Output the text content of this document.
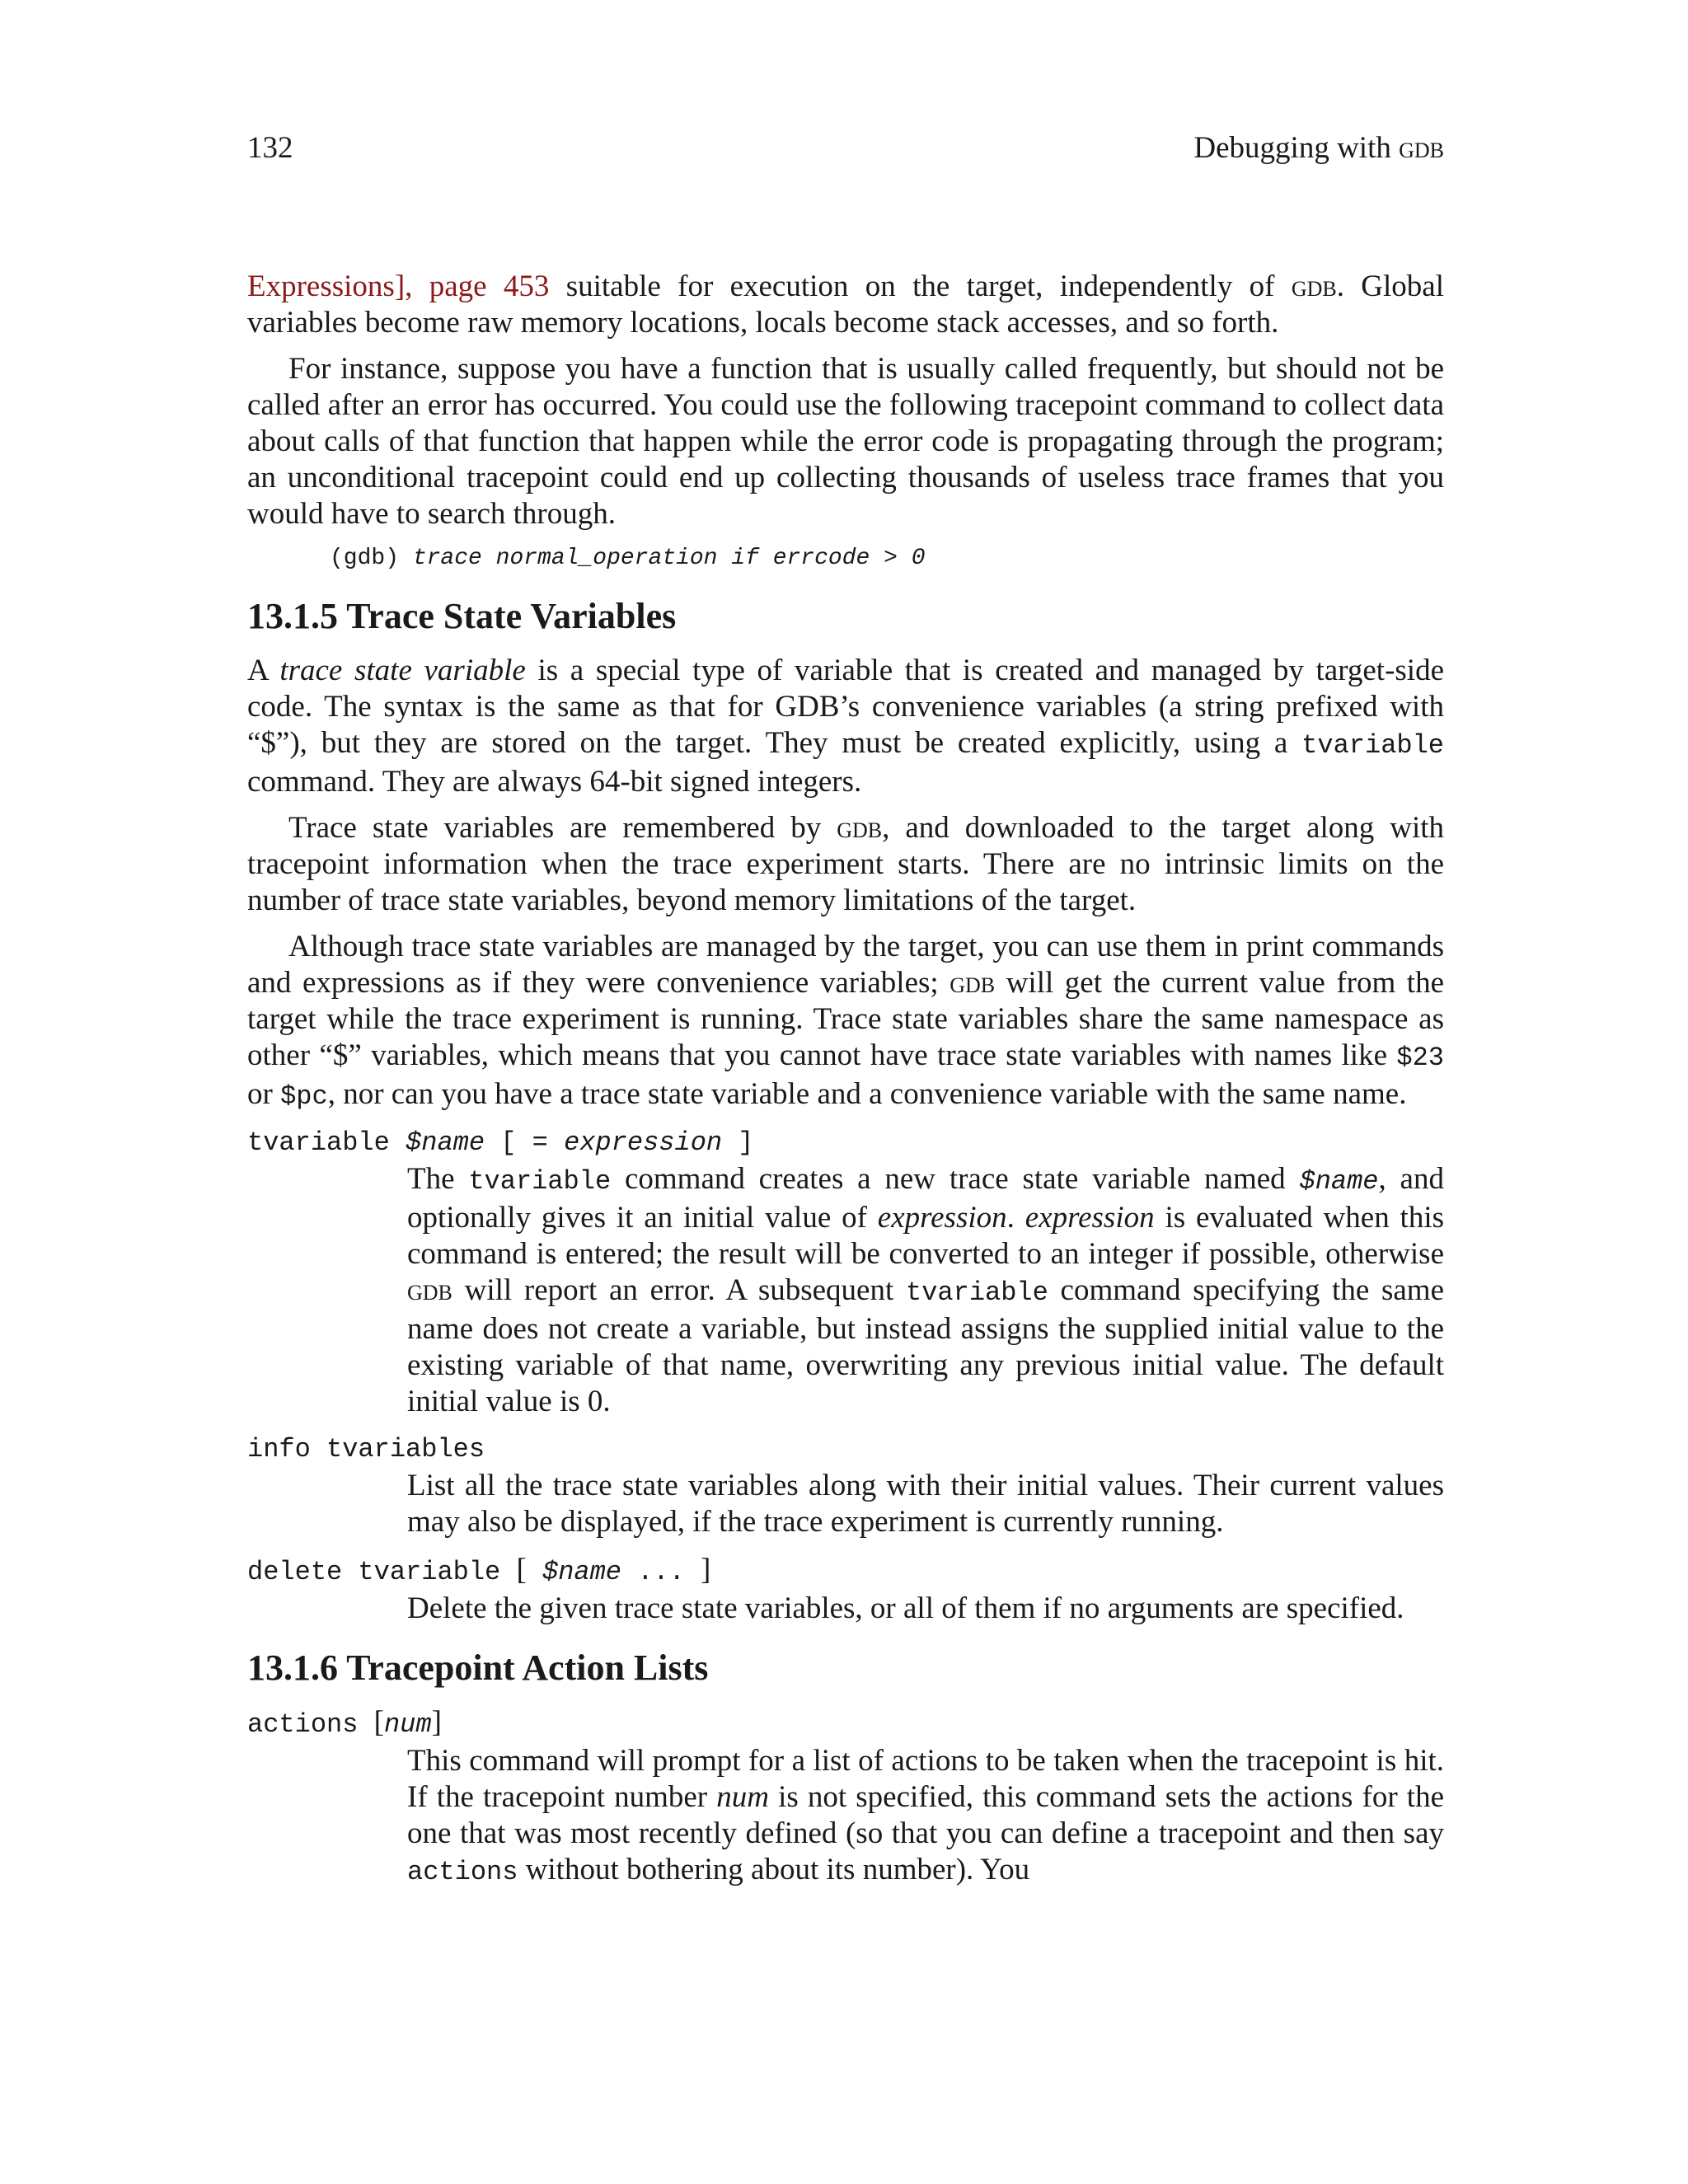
132	Debugging with gdb

Expressions], page 453 suitable for execution on the target, independently of gdb. Global variables become raw memory locations, locals become stack accesses, and so forth.

For instance, suppose you have a function that is usually called frequently, but should not be called after an error has occurred. You could use the following tracepoint command to collect data about calls of that function that happen while the error code is propagating through the program; an unconditional tracepoint could end up collecting thousands of useless trace frames that you would have to search through.

(gdb) trace normal_operation if errcode > 0
13.1.5 Trace State Variables

A trace state variable is a special type of variable that is created and managed by target-side code. The syntax is the same as that for GDB’s convenience variables (a string prefixed with “$”), but they are stored on the target. They must be created explicitly, using a tvariable command. They are always 64-bit signed integers.

Trace state variables are remembered by gdb, and downloaded to the target along with tracepoint information when the trace experiment starts. There are no intrinsic limits on the number of trace state variables, beyond memory limitations of the target.

Although trace state variables are managed by the target, you can use them in print commands and expressions as if they were convenience variables; gdb will get the current value from the target while the trace experiment is running. Trace state variables share the same namespace as other “$” variables, which means that you cannot have trace state variables with names like $23 or $pc, nor can you have a trace state variable and a convenience variable with the same name.

tvariable $name [ = expression ]

The tvariable command creates a new trace state variable named $name, and optionally gives it an initial value of expression. expression is evaluated when this command is entered; the result will be converted to an integer if possible, otherwise gdb will report an error. A subsequent tvariable command specifying the same name does not create a variable, but instead assigns the supplied initial value to the existing variable of that name, overwriting any previous initial value. The default initial value is 0.

info tvariables

List all the trace state variables along with their initial values. Their current values may also be displayed, if the trace experiment is currently running.

delete tvariable [ $name ... ]

Delete the given trace state variables, or all of them if no arguments are specified.

13.1.6 Tracepoint Action Lists
actions [num]

This command will prompt for a list of actions to be taken when the tracepoint is hit. If the tracepoint number num is not specified, this command sets the actions for the one that was most recently defined (so that you can define a tracepoint and then say actions without bothering about its number). You
